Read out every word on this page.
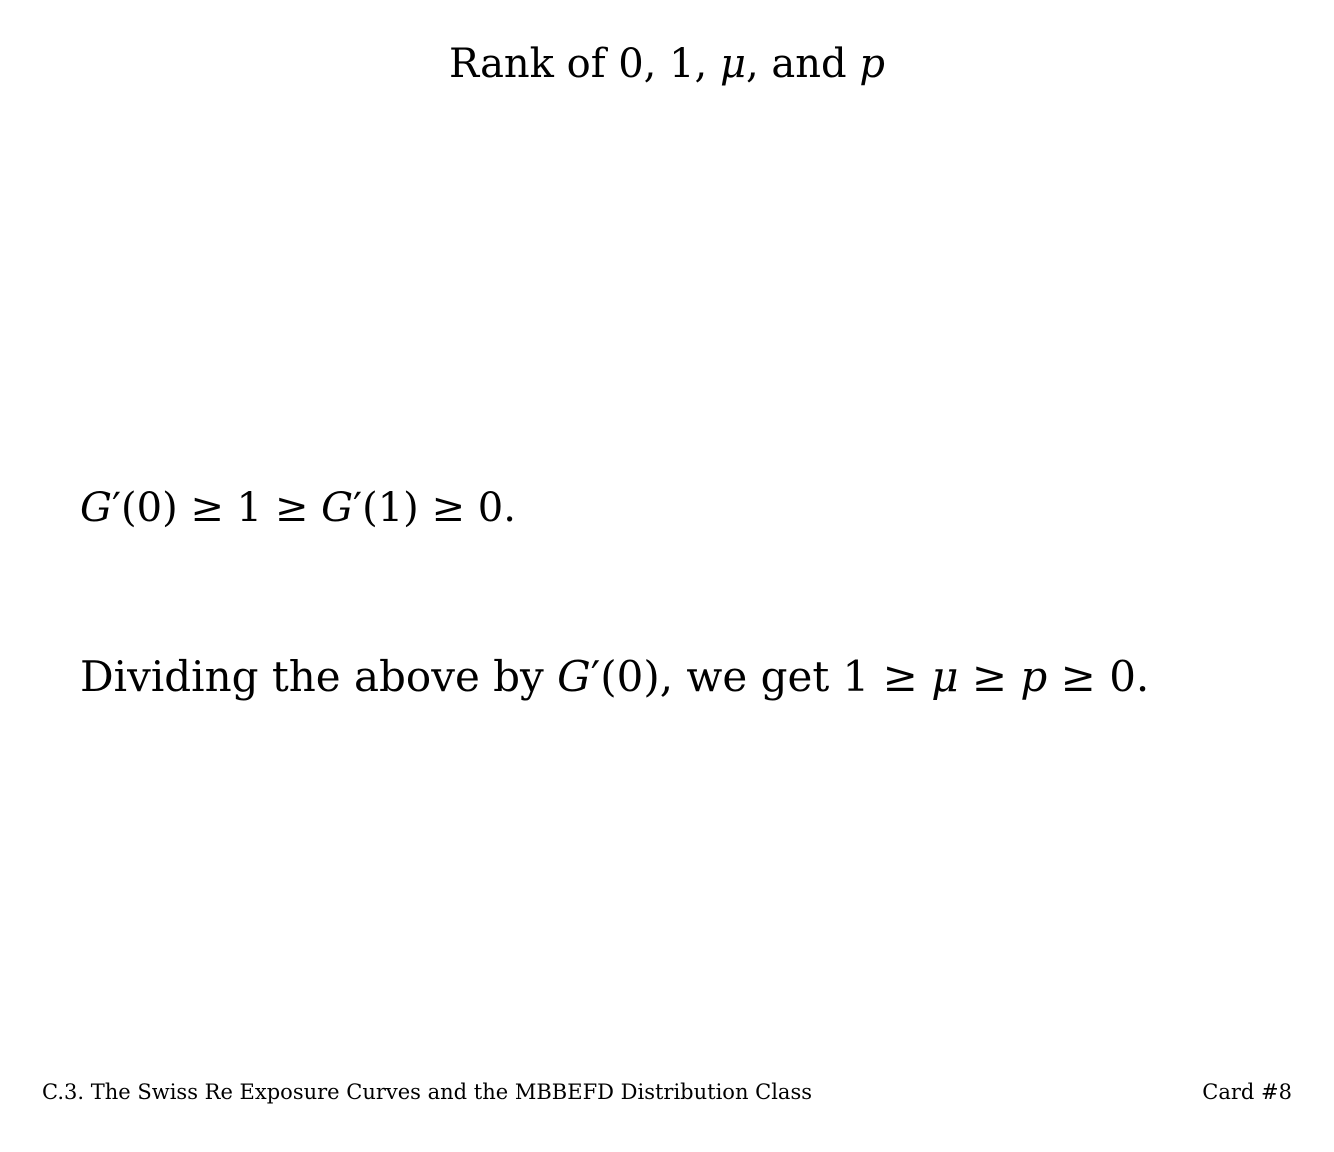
Rank of 0, 1, μ, and p
G′(0) ≥ 1 ≥ G′(1) ≥ 0.
Dividing the above by G′(0), we get 1 ≥ μ ≥ p ≥ 0.
C.3. The Swiss Re Exposure Curves and the MBBEFD Distribution Class	Card #8
